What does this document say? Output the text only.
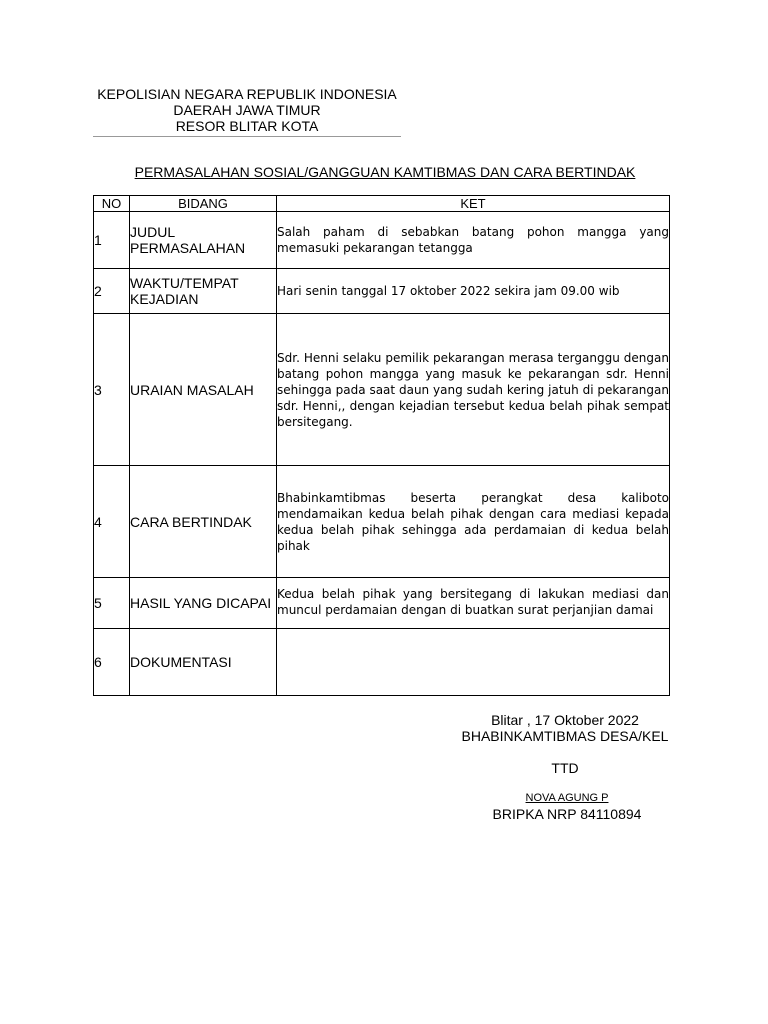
KEPOLISIAN NEGARA REPUBLIK INDONESIA
DAERAH JAWA TIMUR
RESOR BLITAR KOTA
PERMASALAHAN SOSIAL/GANGGUAN KAMTIBMAS DAN CARA BERTINDAK
NO	BIDANG	KET
1	JUDUL PERMASALAHAN	Salah paham di sebabkan batang pohon mangga yang memasuki pekarangan tetangga
2	WAKTU/TEMPAT KEJADIAN	Hari senin tanggal 17 oktober 2022 sekira jam 09.00 wib
3	URAIAN MASALAH	Sdr. Henni selaku pemilik pekarangan merasa terganggu dengan batang pohon mangga yang masuk ke pekarangan sdr. Henni sehingga pada saat daun yang sudah kering jatuh di pekarangan sdr. Henni,, dengan kejadian tersebut kedua belah pihak sempat bersitegang.
4	CARA BERTINDAK	Bhabinkamtibmas beserta perangkat desa kaliboto mendamaikan kedua belah pihak dengan cara mediasi kepada kedua belah pihak sehingga ada perdamaian di kedua belah pihak
5	HASIL YANG DICAPAI	Kedua belah pihak yang bersitegang di lakukan mediasi dan muncul perdamaian dengan di buatkan surat perjanjian damai
6	DOKUMENTASI	
Blitar , 17 Oktober 2022
BHABINKAMTIBMAS DESA/KEL
TTD
NOVA AGUNG P
BRIPKA NRP 84110894
